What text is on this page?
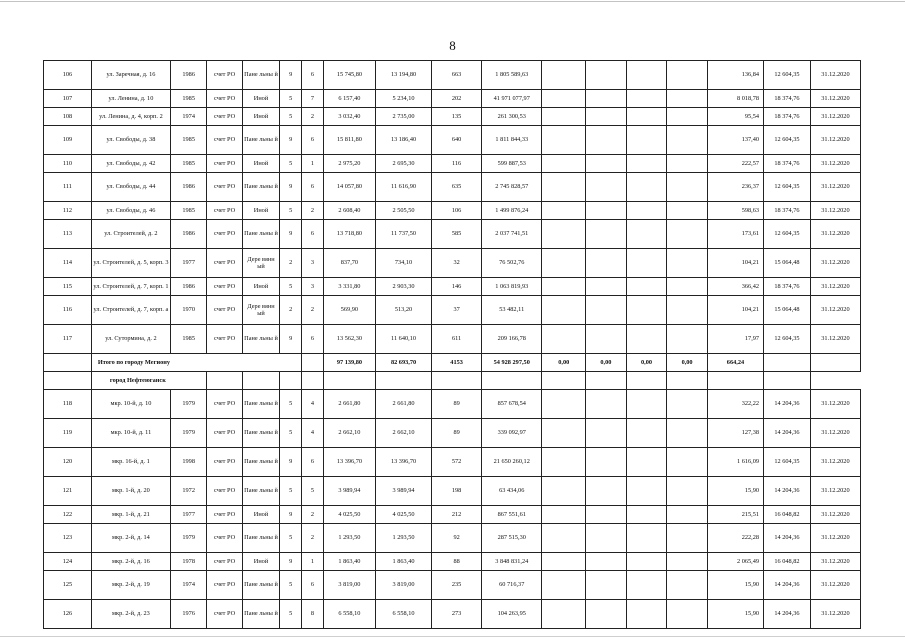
8
106	ул. Заречная, д. 16	1986	счет РО	Пане льны й	9	6	15 745,80	13 194,80	663	1 805 589,63					136,84	12 604,35	31.12.2020
107	ул. Ленина, д. 10	1985	счет РО	Иной	5	7	6 157,40	5 234,10	202	41 971 077,97					8 018,78	18 374,76	31.12.2020
108	ул. Ленина, д. 4, корп. 2	1974	счет РО	Иной	5	2	3 032,40	2 735,00	135	261 300,53					95,54	18 374,76	31.12.2020
109	ул. Свободы, д. 38	1985	счет РО	Пане льны й	9	6	15 811,80	13 186,40	640	1 811 844,33					137,40	12 604,35	31.12.2020
110	ул. Свободы, д. 42	1985	счет РО	Иной	5	1	2 975,20	2 695,30	116	599 887,53					222,57	18 374,76	31.12.2020
111	ул. Свободы, д. 44	1986	счет РО	Пане льны й	9	6	14 057,80	11 616,90	635	2 745 828,57					236,37	12 604,35	31.12.2020
112	ул. Свободы, д. 46	1985	счет РО	Иной	5	2	2 608,40	2 505,50	106	1 499 876,24					598,63	18 374,76	31.12.2020
113	ул. Строителей, д. 2	1986	счет РО	Пане льны й	9	6	13 718,80	11 737,50	585	2 037 741,51					173,61	12 604,35	31.12.2020
114	ул. Строителей, д. 5, корп. 3	1977	счет РО	Дере вянн ый	2	3	837,70	734,10	32	76 502,76					104,21	15 064,48	31.12.2020
115	ул. Строителей, д. 7, корп. 1	1986	счет РО	Иной	5	3	3 331,80	2 903,30	146	1 063 819,93					366,42	18 374,76	31.12.2020
116	ул. Строителей, д. 7, корп. а	1970	счет РО	Дере вянн ый	2	2	569,90	513,20	37	53 482,11					104,21	15 064,48	31.12.2020
117	ул. Сутормина, д. 2	1985	счет РО	Пане льны й	9	6	13 562,30	11 640,10	611	209 166,78					17,97	12 604,35	31.12.2020
	Итого по городу Мегиону						97 139,80	82 693,70	4153	54 928 297,50	0,00	0,00	0,00	0,00	664,24		
	город Нефтеюганск																
118	мкр. 10-й, д. 10	1979	счет РО	Пане льны й	5	4	2 661,80	2 661,80	89	857 678,54					322,22	14 204,36	31.12.2020
119	мкр. 10-й, д. 11	1979	счет РО	Пане льны й	5	4	2 662,10	2 662,10	89	339 092,97					127,38	14 204,36	31.12.2020
120	мкр. 16-й, д. 1	1998	счет РО	Пане льны й	9	6	13 396,70	13 396,70	572	21 650 260,12					1 616,09	12 604,35	31.12.2020
121	мкр. 1-й, д. 20	1972	счет РО	Пане льны й	5	5	3 989,94	3 989,94	198	63 434,06					15,90	14 204,36	31.12.2020
122	мкр. 1-й, д. 21	1977	счет РО	Иной	9	2	4 025,50	4 025,50	212	867 551,61					215,51	16 048,82	31.12.2020
123	мкр. 2-й, д. 14	1979	счет РО	Пане льны й	5	2	1 293,50	1 293,50	92	287 515,30					222,28	14 204,36	31.12.2020
124	мкр. 2-й, д. 16	1978	счет РО	Иной	9	1	1 863,40	1 863,40	88	3 848 831,24					2 065,49	16 048,82	31.12.2020
125	мкр. 2-й, д. 19	1974	счет РО	Пане льны й	5	6	3 819,00	3 819,00	235	60 716,37					15,90	14 204,36	31.12.2020
126	мкр. 2-й, д. 23	1976	счет РО	Пане льны й	5	8	6 558,10	6 558,10	273	104 263,95					15,90	14 204,36	31.12.2020
